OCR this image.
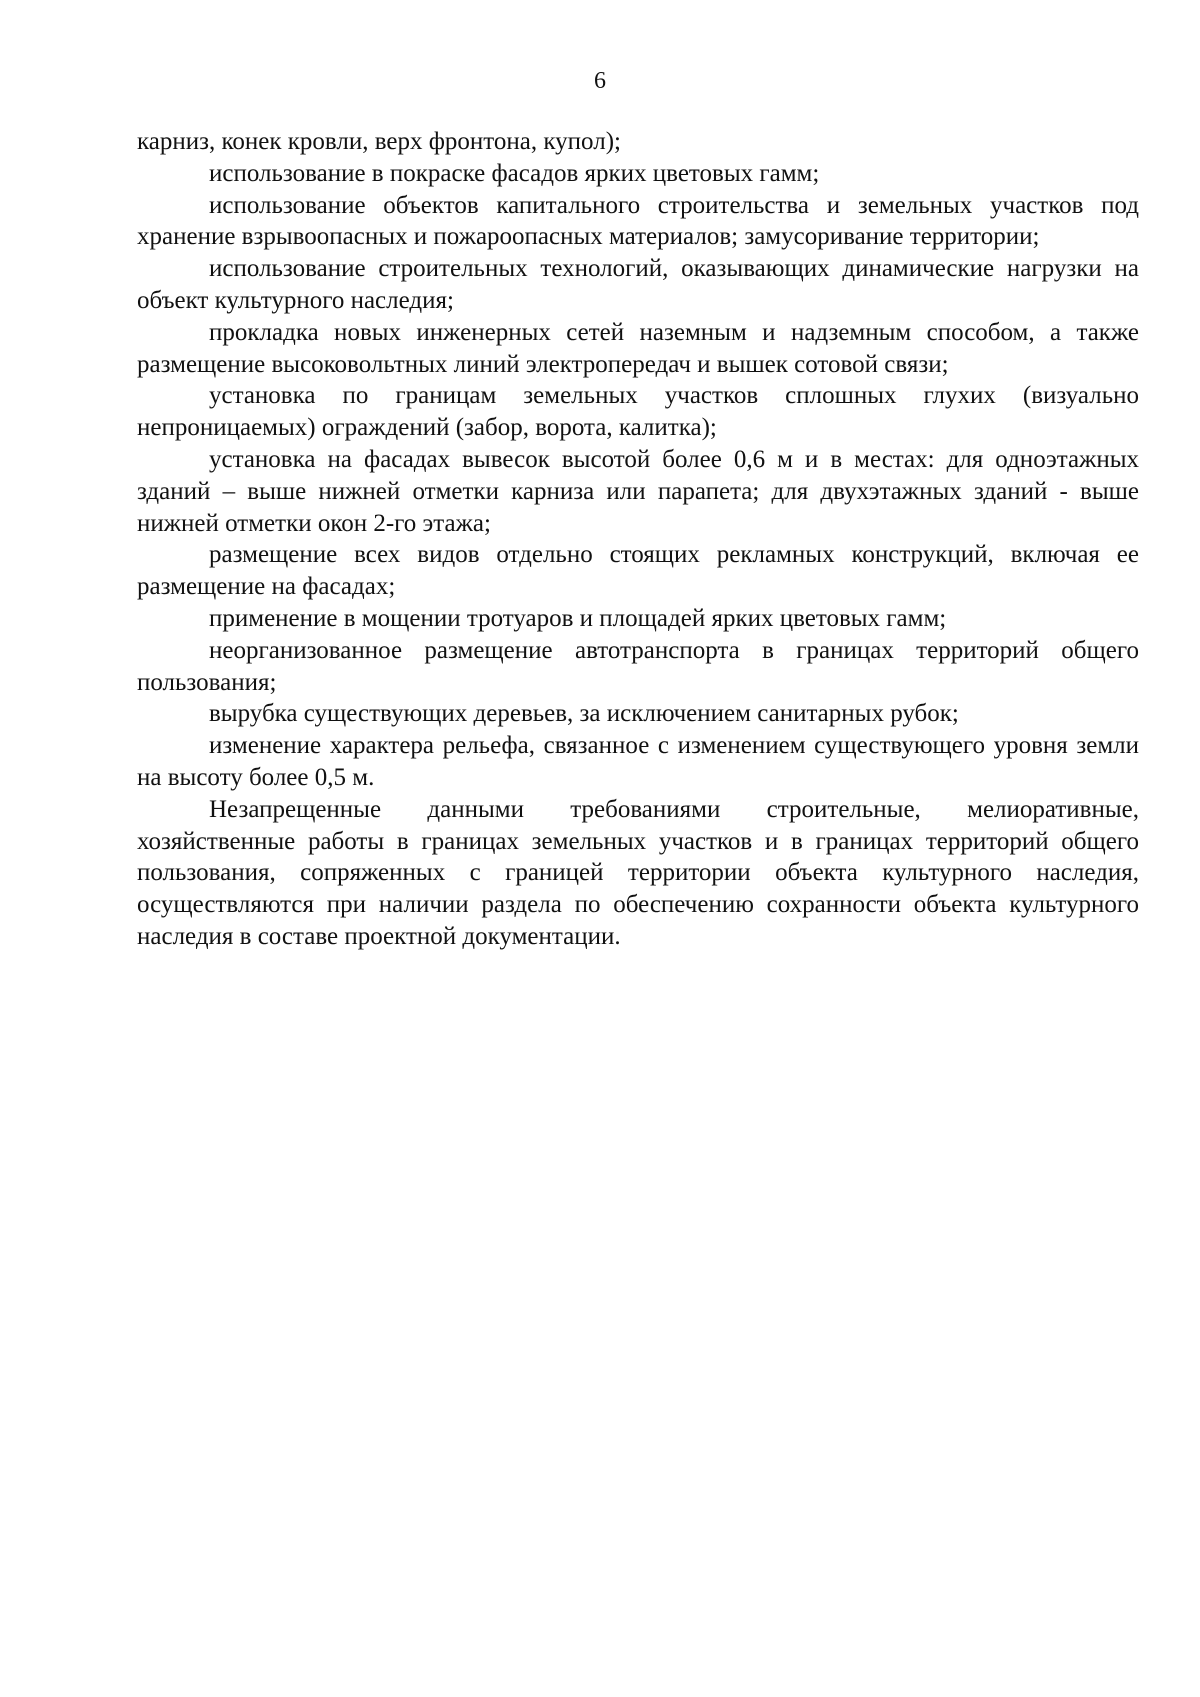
6

карниз, конек кровли, верх фронтона, купол);

использование в покраске фасадов ярких цветовых гамм;

использование объектов капитального строительства и земельных участков под хранение взрывоопасных и пожароопасных материалов; замусоривание территории;

использование строительных технологий, оказывающих динамические нагрузки на объект культурного наследия;

прокладка новых инженерных сетей наземным и надземным способом, а также размещение высоковольтных линий электропередач и вышек сотовой связи;

установка по границам земельных участков сплошных глухих (визуально непроницаемых) ограждений (забор, ворота, калитка);

установка на фасадах вывесок высотой более 0,6 м и в местах: для одноэтажных зданий – выше нижней отметки карниза или парапета; для двухэтажных зданий - выше нижней отметки окон 2-го этажа;

размещение всех видов отдельно стоящих рекламных конструкций, включая ее размещение на фасадах;

применение в мощении тротуаров и площадей ярких цветовых гамм;

неорганизованное размещение автотранспорта в границах территорий общего пользования;

вырубка существующих деревьев, за исключением санитарных рубок;

изменение характера рельефа, связанное с изменением существующего уровня земли на высоту более 0,5 м.

Незапрещенные данными требованиями строительные, мелиоративные, хозяйственные работы в границах земельных участков и в границах территорий общего пользования, сопряженных с границей территории объекта культурного наследия, осуществляются при наличии раздела по обеспечению сохранности объекта культурного наследия в составе проектной документации.
